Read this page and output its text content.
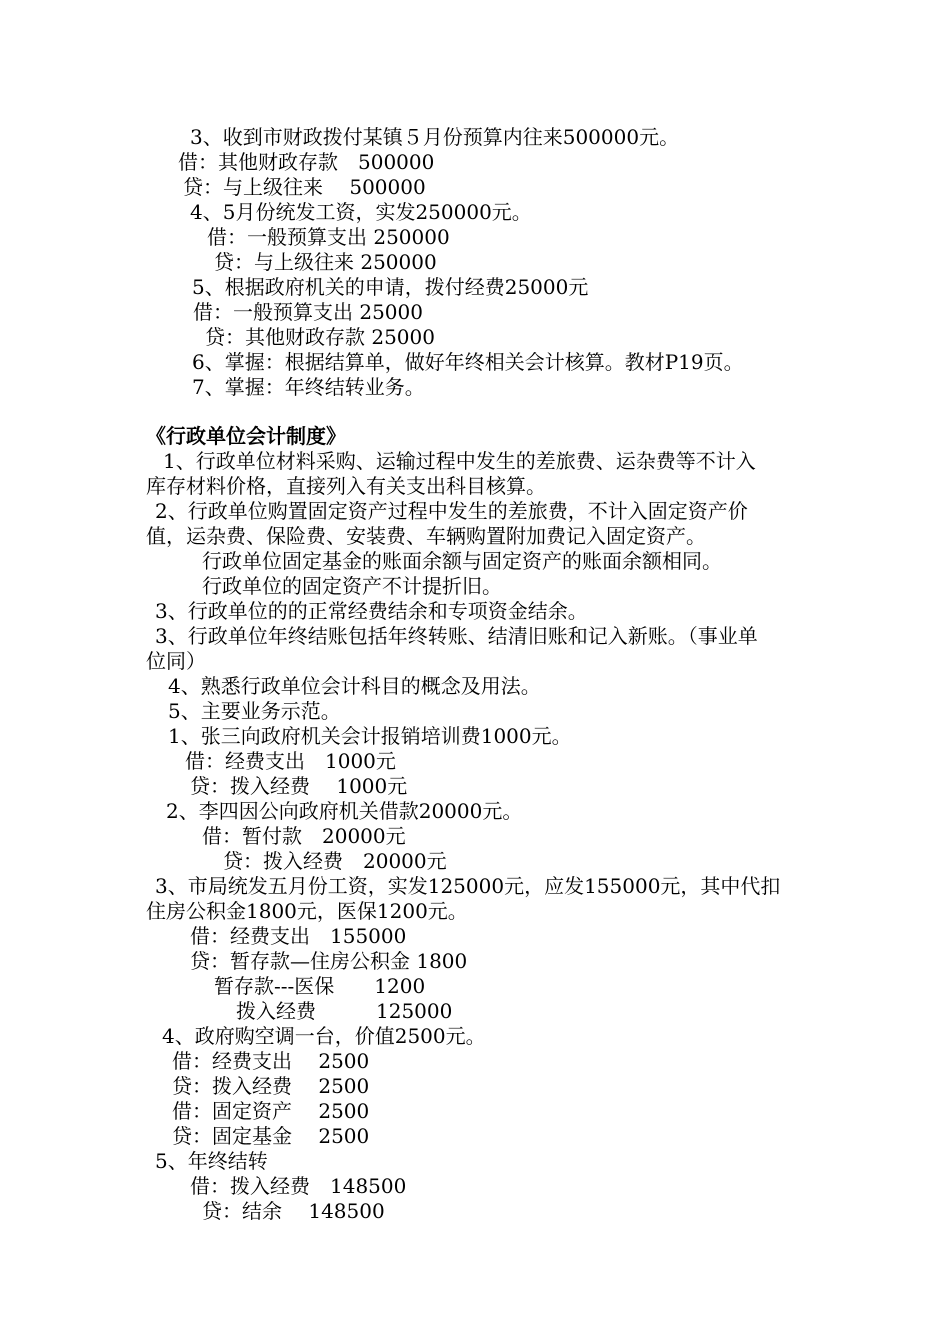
3、收到市财政拨付某镇５月份预算内往来500000元。
借：其他财政存款　500000
贷：与上级往来　 500000
4、5月份统发工资，实发250000元。
借：一般预算支出 250000
贷：与上级往来 250000
5、根据政府机关的申请，拨付经费25000元
借：一般预算支出 25000
贷：其他财政存款 25000
6、掌握：根据结算单，做好年终相关会计核算。教材P19页。
7、掌握：年终结转业务。
《行政单位会计制度》
1、行政单位材料采购、运输过程中发生的差旅费、运杂费等不计入
库存材料价格，直接列入有关支出科目核算。
2、行政单位购置固定资产过程中发生的差旅费，不计入固定资产价
值，运杂费、保险费、安装费、车辆购置附加费记入固定资产。
行政单位固定基金的账面余额与固定资产的账面余额相同。
行政单位的固定资产不计提折旧。
3、行政单位的的正常经费结余和专项资金结余。
3、行政单位年终结账包括年终转账、结清旧账和记入新账。（事业单
位同）
4、熟悉行政单位会计科目的概念及用法。
5、主要业务示范。
1、张三向政府机关会计报销培训费1000元。
借：经费支出　1000元
贷：拨入经费　 1000元
2、李四因公向政府机关借款20000元。
借：暂付款　20000元
贷：拨入经费　20000元
3、市局统发五月份工资，实发125000元，应发155000元，其中代扣
住房公积金1800元，医保1200元。
借：经费支出　155000
贷：暂存款—住房公积金 1800
暂存款---医保　　1200
拨入经费　　　125000
4、政府购空调一台，价值2500元。
借：经费支出　 2500
贷：拨入经费　 2500
借：固定资产　 2500
贷：固定基金　 2500
5、年终结转
借：拨入经费　148500
贷：结余　 148500
